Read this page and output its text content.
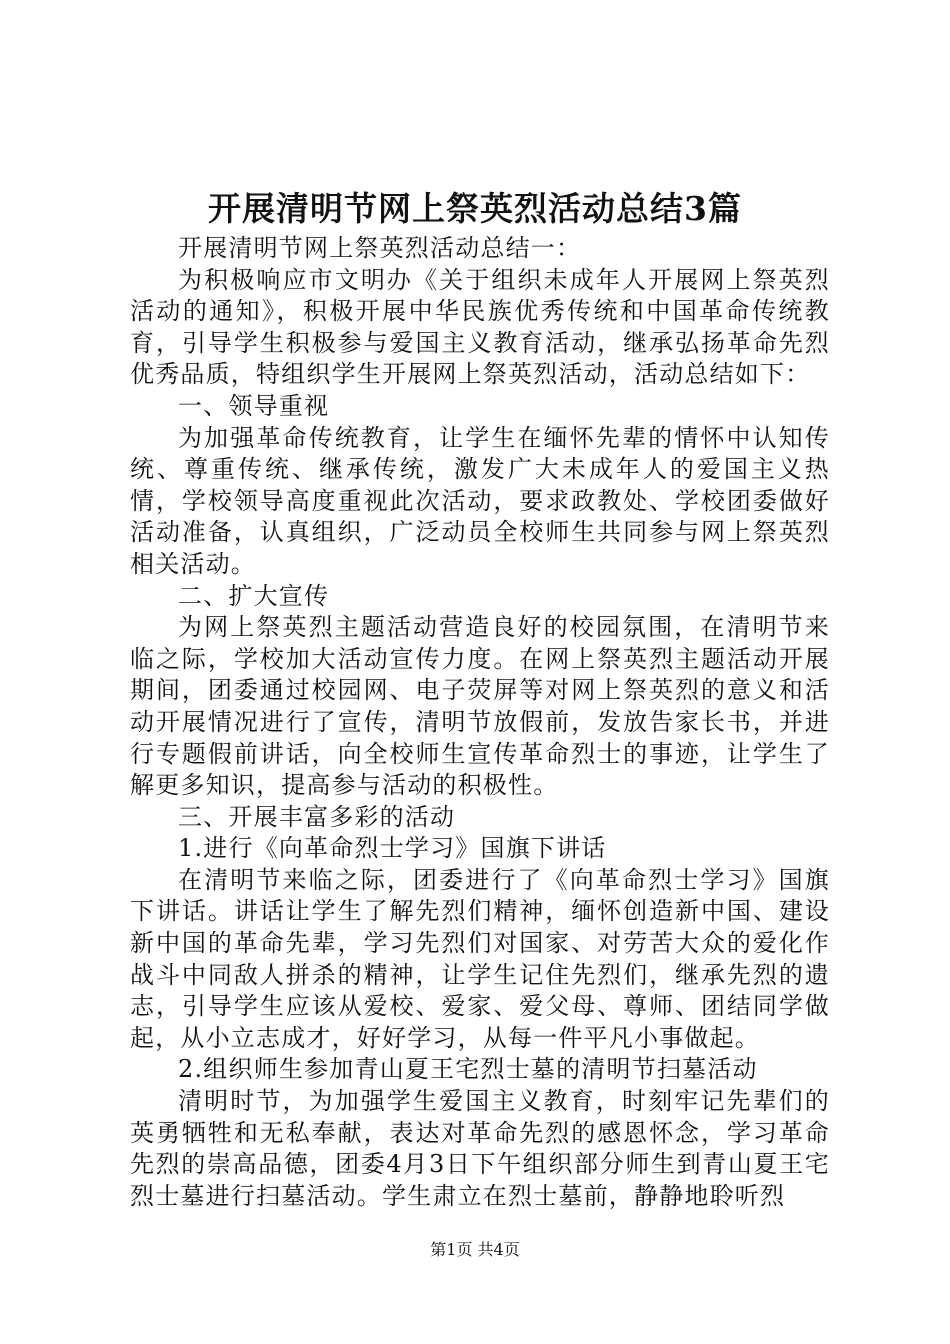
开展清明节网上祭英烈活动总结3篇

开展清明节网上祭英烈活动总结一：

为积极响应市文明办《关于组织未成年人开展网上祭英烈活动的通知》，积极开展中华民族优秀传统和中国革命传统教育，引导学生积极参与爱国主义教育活动，继承弘扬革命先烈优秀品质，特组织学生开展网上祭英烈活动，活动总结如下：

一、领导重视

为加强革命传统教育，让学生在缅怀先辈的情怀中认知传统、尊重传统、继承传统，激发广大未成年人的爱国主义热情，学校领导高度重视此次活动，要求政教处、学校团委做好活动准备，认真组织，广泛动员全校师生共同参与网上祭英烈相关活动。

二、扩大宣传

为网上祭英烈主题活动营造良好的校园氛围，在清明节来临之际，学校加大活动宣传力度。在网上祭英烈主题活动开展期间，团委通过校园网、电子荧屏等对网上祭英烈的意义和活动开展情况进行了宣传，清明节放假前，发放告家长书，并进行专题假前讲话，向全校师生宣传革命烈士的事迹，让学生了解更多知识，提高参与活动的积极性。

三、开展丰富多彩的活动

1.进行《向革命烈士学习》国旗下讲话

在清明节来临之际，团委进行了《向革命烈士学习》国旗下讲话。讲话让学生了解先烈们精神，缅怀创造新中国、建设新中国的革命先辈，学习先烈们对国家、对劳苦大众的爱化作战斗中同敌人拼杀的精神，让学生记住先烈们，继承先烈的遗志，引导学生应该从爱校、爱家、爱父母、尊师、团结同学做起，从小立志成才，好好学习，从每一件平凡小事做起。

2.组织师生参加青山夏王宅烈士墓的清明节扫墓活动

清明时节，为加强学生爱国主义教育，时刻牢记先辈们的英勇牺牲和无私奉献，表达对革命先烈的感恩怀念，学习革命先烈的崇高品德，团委4月3日下午组织部分师生到青山夏王宅烈士墓进行扫墓活动。学生肃立在烈士墓前，静静地聆听烈

第1页 共4页
